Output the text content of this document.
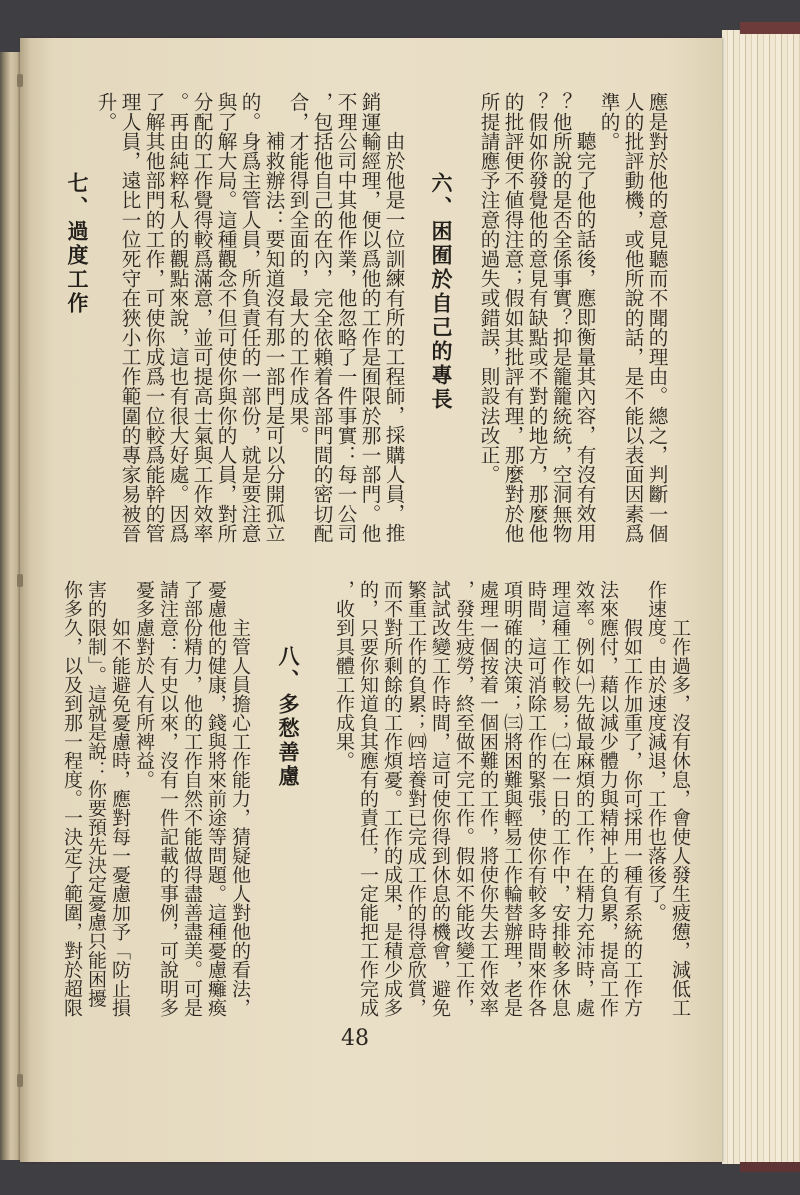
應是對於他的意見聽而不聞的理由。總之，判斷一個
人的批評動機，或他所說的話，是不能以表面因素爲
準的。
聽完了他的話後，應即衡量其內容，有沒有效用
？他所說的是否全係事實？抑是籠籠統統，空洞無物
？假如你發覺他的意見有缺點或不對的地方，那麼他
的批評便不値得注意；假如其批評有理，那麼對於他
所提請應予注意的過失或錯誤，則設法改正。
六、困囿於自己的專長
由於他是一位訓練有所的工程師，採購人員，推
銷運輸經理，便以爲他的工作是囿限於那一部門。他
不理公司中其他作業，他忽略了一件事實：每一公司
，包括他自己的在內，完全依賴着各部門間的密切配
合，才能得到全面的，最大的工作成果。
補救辦法：要知道沒有那一部門是可以分開孤立
的。身爲主管人員，所負責任的一部份，就是要注意
與了解大局。這種觀念不但可使你與你的人員，對所
分配的工作覺得較爲滿意，並可提高士氣與工作效率
。再由純粹私人的觀點來說，這也有很大好處。因爲
了解其他部門的工作，可使你成爲一位較爲能幹的管
理人員，遠比一位死守在狹小工作範圍的專家易被晉
升。
七、過度工作
工作過多，沒有休息，會使人發生疲憊，減低工
作速度。由於速度減退，工作也落後了。
假如工作加重了，你可採用一種有系統的工作方
法來應付，藉以減少體力與精神上的負累，提高工作
效率。例如㈠先做最麻煩的工作，在精力充沛時，處
理這種工作較易；㈡在一日的工作中，安排較多休息
時間，這可消除工作的緊張，使你有較多時間來作各
項明確的決策；㈢將困難與輕易工作輪替辦理，老是
處理一個按着一個困難的工作，將使你失去工作效率
，發生疲勞，終至做不完工作。假如不能改變工作，
試試改變工作時間，這可使你得到休息的機會，避免
繁重工作的負累；㈣培養對已完成工作的得意欣賞，
而不對所剩餘的工作煩憂。工作的成果，是積少成多
的，只要你知道負其應有的責任，一定能把工作完成
，收到具體工作成果。
八、多愁善慮
主管人員擔心工作能力，猜疑他人對他的看法，
憂慮他的健康，錢與將來前途等問題。這種憂慮癱瘓
了部份精力，他的工作自然不能做得盡善盡美。可是
請注意：有史以來，沒有一件記載的事例，可說明多
憂多慮對於人有所裨益。
如不能避免憂慮時，應對每一憂慮加予「防止損
害的限制」。這就是說：你要預先決定憂慮只能困擾
你多久，以及到那一程度。一決定了範圍，對於超限
48
